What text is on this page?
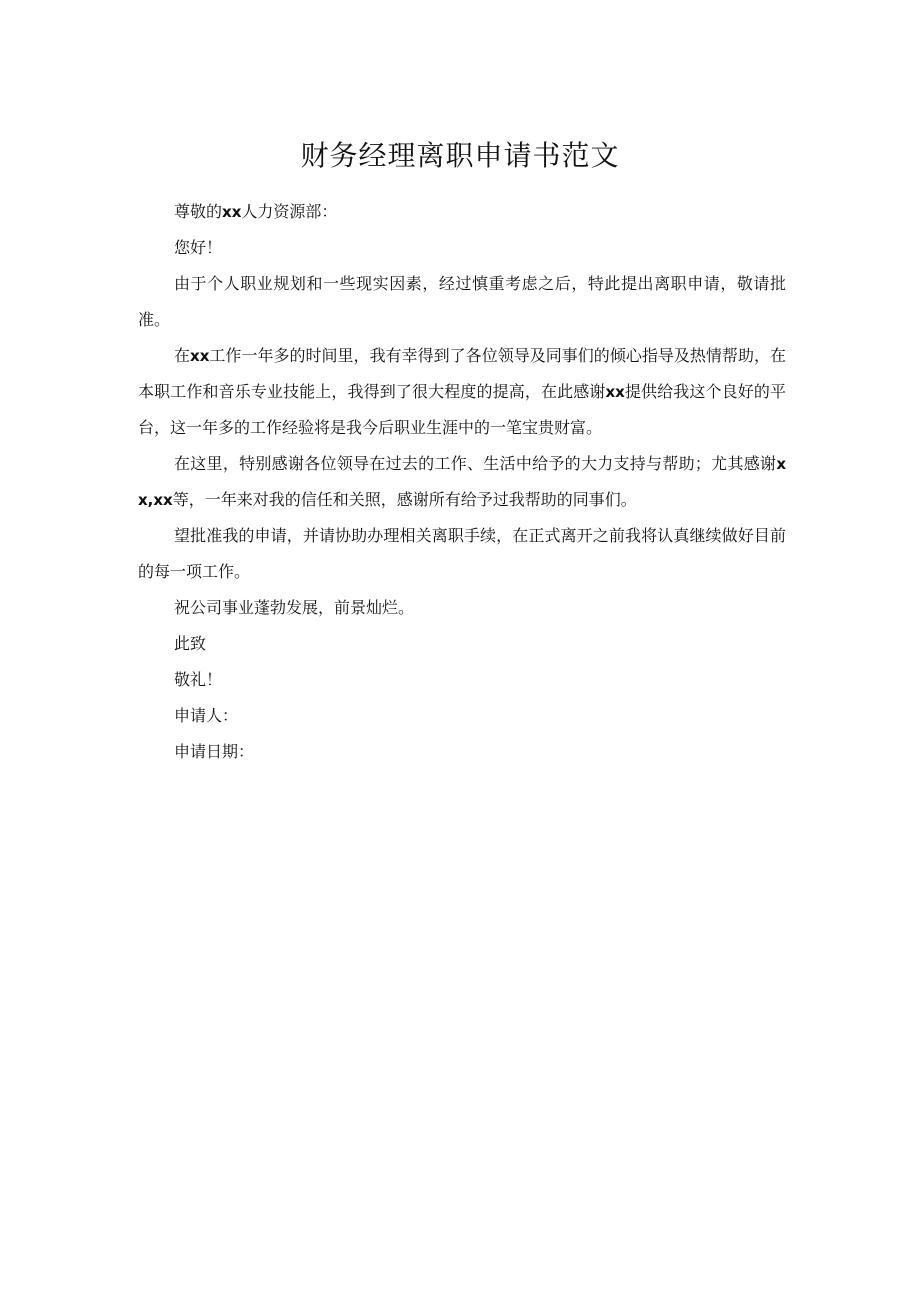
财务经理离职申请书范文

尊敬的xx人力资源部：

您好！

由于个人职业规划和一些现实因素，经过慎重考虑之后，特此提出离职申请，敬请批准。

在xx工作一年多的时间里，我有幸得到了各位领导及同事们的倾心指导及热情帮助，在本职工作和音乐专业技能上，我得到了很大程度的提高，在此感谢xx提供给我这个良好的平台，这一年多的工作经验将是我今后职业生涯中的一笔宝贵财富。

在这里，特别感谢各位领导在过去的工作、生活中给予的大力支持与帮助；尤其感谢xx,xx等，一年来对我的信任和关照，感谢所有给予过我帮助的同事们。

望批准我的申请，并请协助办理相关离职手续，在正式离开之前我将认真继续做好目前的每一项工作。

祝公司事业蓬勃发展，前景灿烂。

此致

敬礼！

申请人：

申请日期：
